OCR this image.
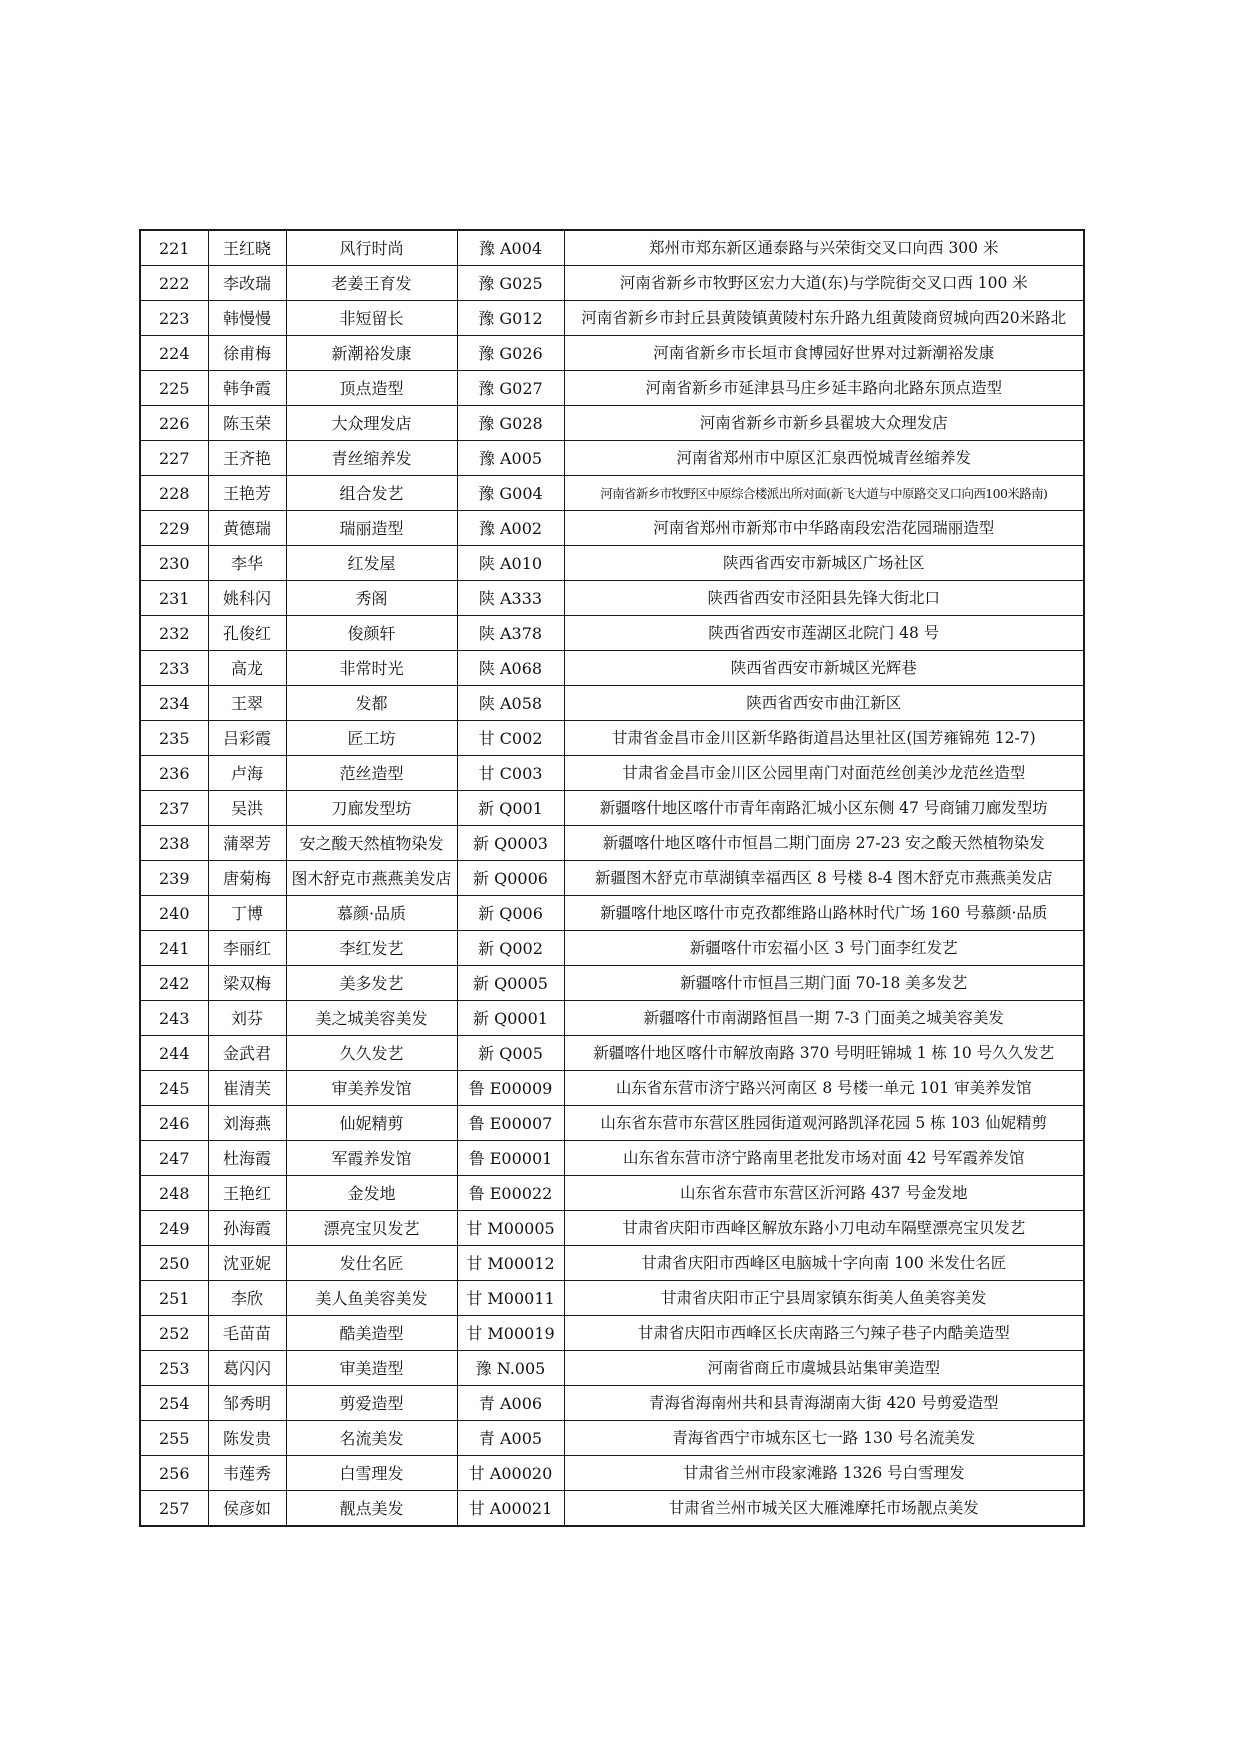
221	王红晓	风行时尚	豫 A004	郑州市郑东新区通泰路与兴荣街交叉口向西 300 米
222	李改瑞	老姜王育发	豫 G025	河南省新乡市牧野区宏力大道(东)与学院街交叉口西 100 米
223	韩慢慢	非短留长	豫 G012	河南省新乡市封丘县黄陵镇黄陵村东升路九组黄陵商贸城向西20米路北
224	徐甫梅	新潮裕发康	豫 G026	河南省新乡市长垣市食博园好世界对过新潮裕发康
225	韩争霞	顶点造型	豫 G027	河南省新乡市延津县马庄乡延丰路向北路东顶点造型
226	陈玉荣	大众理发店	豫 G028	河南省新乡市新乡县翟坡大众理发店
227	王齐艳	青丝缩养发	豫 A005	河南省郑州市中原区汇泉西悦城青丝缩养发
228	王艳芳	组合发艺	豫 G004	河南省新乡市牧野区中原综合楼派出所对面(新飞大道与中原路交叉口向西100米路南)
229	黄德瑞	瑞丽造型	豫 A002	河南省郑州市新郑市中华路南段宏浩花园瑞丽造型
230	李华	红发屋	陕 A010	陕西省西安市新城区广场社区
231	姚科闪	秀阁	陕 A333	陕西省西安市泾阳县先锋大街北口
232	孔俊红	俊颜轩	陕 A378	陕西省西安市莲湖区北院门 48 号
233	高龙	非常时光	陕 A068	陕西省西安市新城区光辉巷
234	王翠	发都	陕 A058	陕西省西安市曲江新区
235	吕彩霞	匠工坊	甘 C002	甘肃省金昌市金川区新华路街道昌达里社区(国芳雍锦苑 12-7)
236	卢海	范丝造型	甘 C003	甘肃省金昌市金川区公园里南门对面范丝创美沙龙范丝造型
237	吴洪	刀廊发型坊	新 Q001	新疆喀什地区喀什市青年南路汇城小区东侧 47 号商铺刀廊发型坊
238	蒲翠芳	安之酸天然植物染发	新 Q0003	新疆喀什地区喀什市恒昌二期门面房 27-23 安之酸天然植物染发
239	唐菊梅	图木舒克市燕燕美发店	新 Q0006	新疆图木舒克市草湖镇幸福西区 8 号楼 8-4 图木舒克市燕燕美发店
240	丁博	慕颜·品质	新 Q006	新疆喀什地区喀什市克孜都维路山路林时代广场 160 号慕颜·品质
241	李丽红	李红发艺	新 Q002	新疆喀什市宏福小区 3 号门面李红发艺
242	梁双梅	美多发艺	新 Q0005	新疆喀什市恒昌三期门面 70-18 美多发艺
243	刘芬	美之城美容美发	新 Q0001	新疆喀什市南湖路恒昌一期 7-3 门面美之城美容美发
244	金武君	久久发艺	新 Q005	新疆喀什地区喀什市解放南路 370 号明旺锦城 1 栋 10 号久久发艺
245	崔清芙	审美养发馆	鲁 E00009	山东省东营市济宁路兴河南区 8 号楼一单元 101 审美养发馆
246	刘海燕	仙妮精剪	鲁 E00007	山东省东营市东营区胜园街道观河路凯泽花园 5 栋 103 仙妮精剪
247	杜海霞	军霞养发馆	鲁 E00001	山东省东营市济宁路南里老批发市场对面 42 号军霞养发馆
248	王艳红	金发地	鲁 E00022	山东省东营市东营区沂河路 437 号金发地
249	孙海霞	漂亮宝贝发艺	甘 M00005	甘肃省庆阳市西峰区解放东路小刀电动车隔壁漂亮宝贝发艺
250	沈亚妮	发仕名匠	甘 M00012	甘肃省庆阳市西峰区电脑城十字向南 100 米发仕名匠
251	李欣	美人鱼美容美发	甘 M00011	甘肃省庆阳市正宁县周家镇东街美人鱼美容美发
252	毛苗苗	酷美造型	甘 M00019	甘肃省庆阳市西峰区长庆南路三勺辣子巷子内酷美造型
253	葛闪闪	审美造型	豫 N.005	河南省商丘市虞城县站集审美造型
254	邹秀明	剪爱造型	青 A006	青海省海南州共和县青海湖南大街 420 号剪爱造型
255	陈发贵	名流美发	青 A005	青海省西宁市城东区七一路 130 号名流美发
256	韦莲秀	白雪理发	甘 A00020	甘肃省兰州市段家滩路 1326 号白雪理发
257	侯彦如	靓点美发	甘 A00021	甘肃省兰州市城关区大雁滩摩托市场靓点美发
